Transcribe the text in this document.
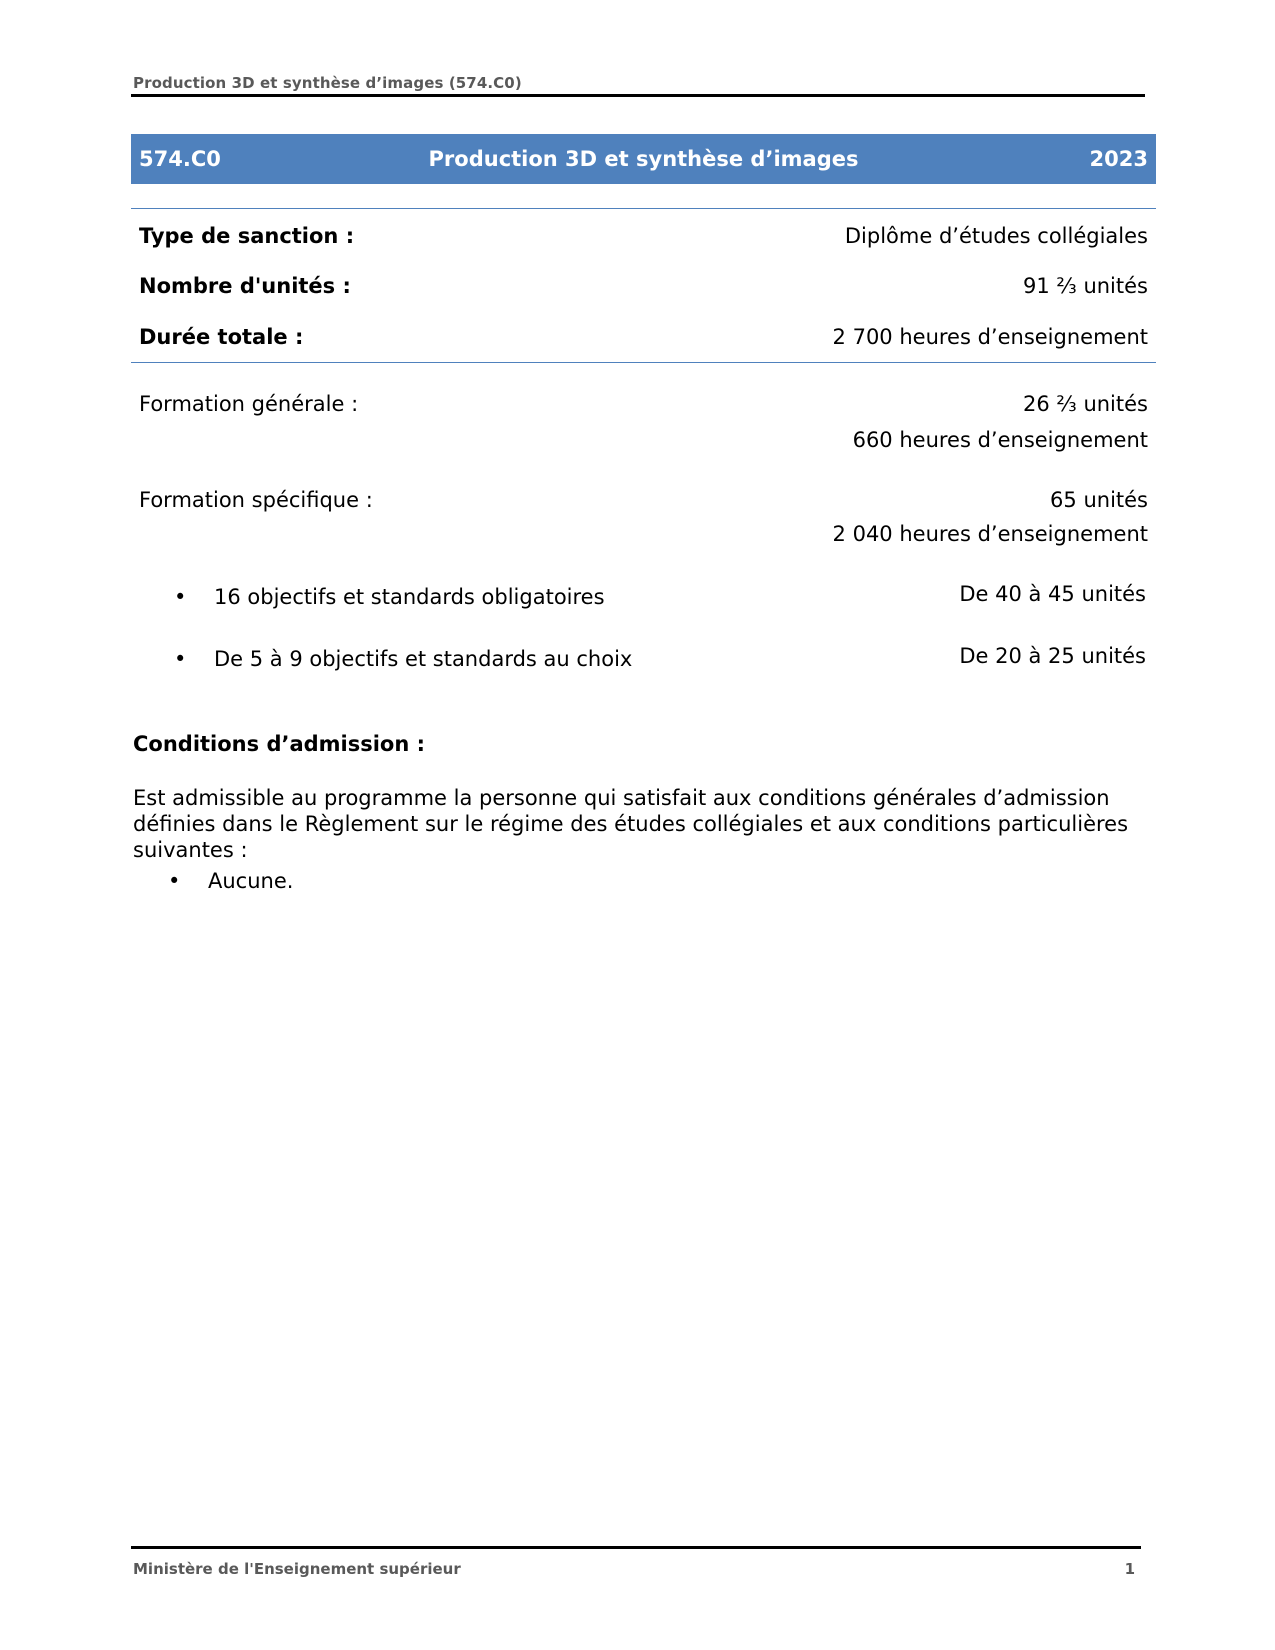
Production 3D et synthèse d’images (574.C0)
Production 3D et synthèse d’images
574.C0	2023
Type de sanction :	Diplôme d’études collégiales
Nombre d'unités :	91 ⅔ unités
Durée totale :	2 700 heures d’enseignement
Formation générale :	26 ⅔ unités
660 heures d’enseignement
Formation spécifique :	65 unités
2 040 heures d’enseignement
• 16 objectifs et standards obligatoires	De 40 à 45 unités
• De 5 à 9 objectifs et standards au choix	De 20 à 25 unités
Conditions d’admission :
Est admissible au programme la personne qui satisfait aux conditions générales d’admission définies dans le Règlement sur le régime des études collégiales et aux conditions particulières suivantes :
• Aucune.
Ministère de l'Enseignement supérieur	1
